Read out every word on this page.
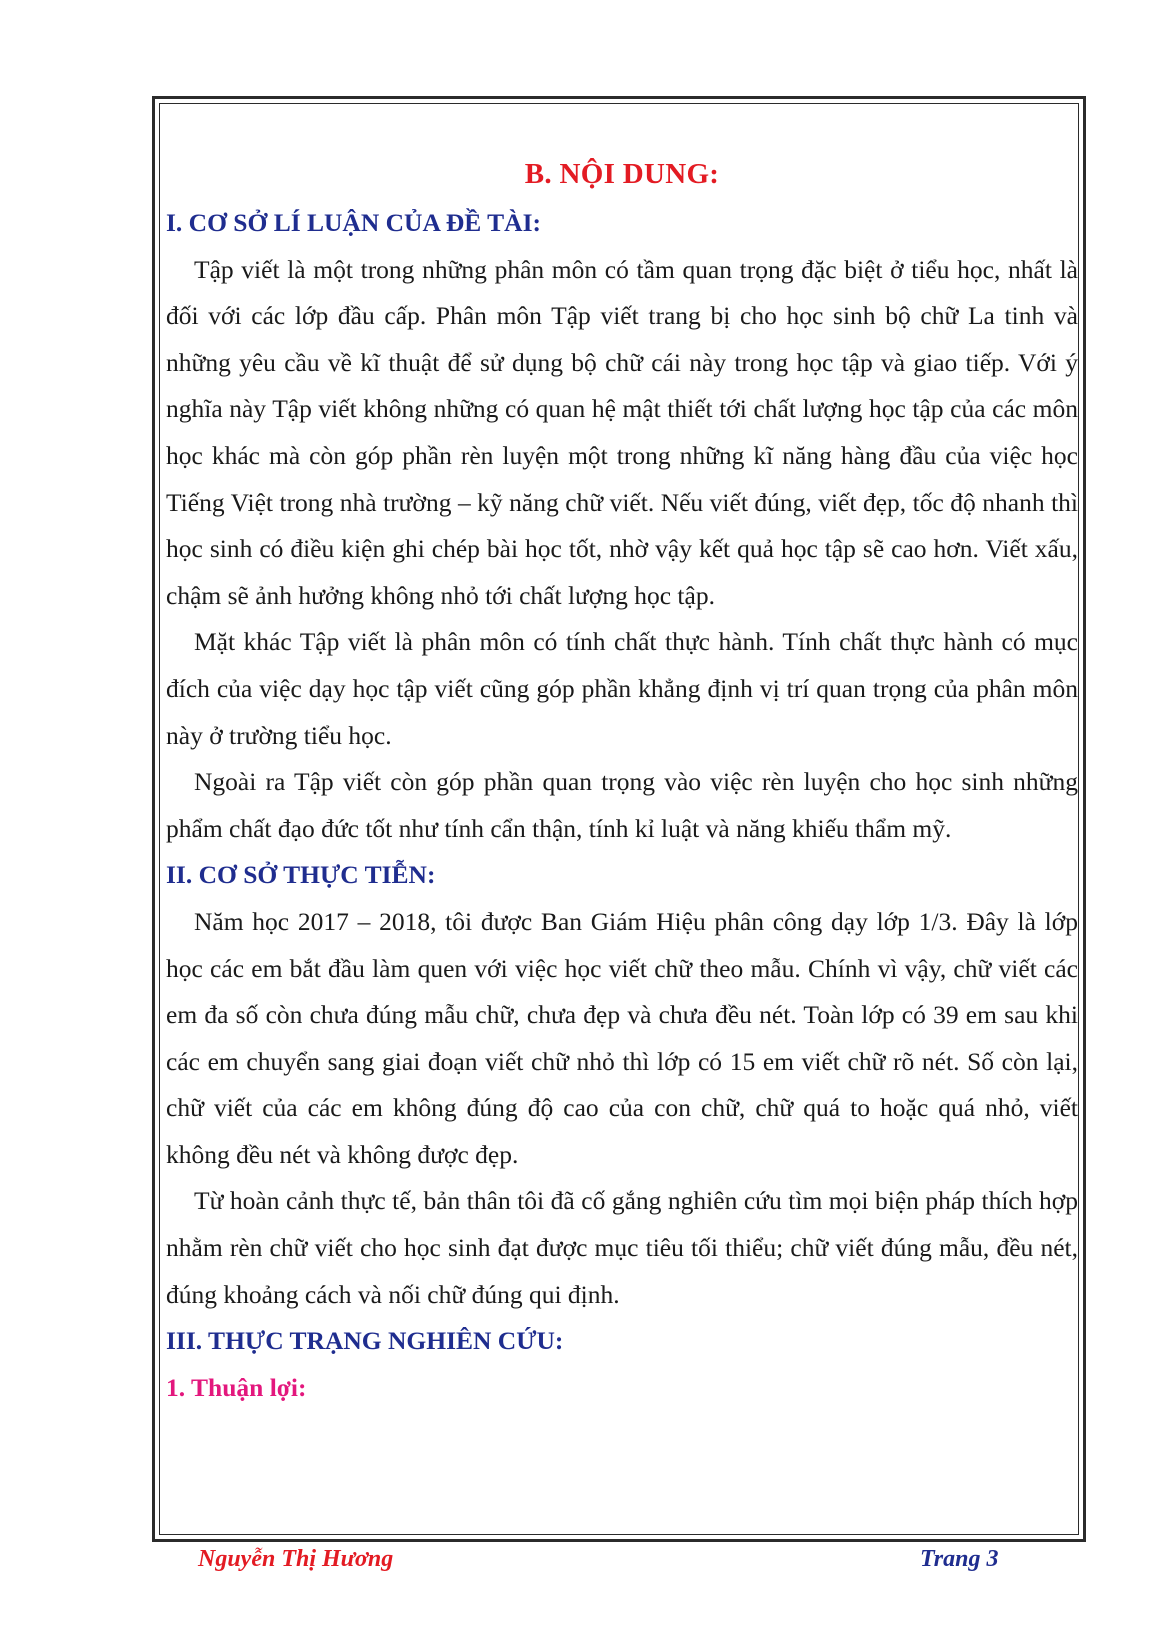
B. NỘI DUNG:
I. CƠ SỞ LÍ LUẬN CỦA ĐỀ TÀI:

Tập viết là một trong những phân môn có tầm quan trọng đặc biệt ở tiểu học, nhất là đối với các lớp đầu cấp. Phân môn Tập viết trang bị cho học sinh bộ chữ La tinh và những yêu cầu về kĩ thuật để sử dụng bộ chữ cái này trong học tập và giao tiếp. Với ý nghĩa này Tập viết không những có quan hệ mật thiết tới chất lượng học tập của các môn học khác mà còn góp phần rèn luyện một trong những kĩ năng hàng đầu của việc học Tiếng Việt trong nhà trường – kỹ năng chữ viết. Nếu viết đúng, viết đẹp, tốc độ nhanh thì học sinh có điều kiện ghi chép bài học tốt, nhờ vậy kết quả học tập sẽ cao hơn. Viết xấu, chậm sẽ ảnh hưởng không nhỏ tới chất lượng học tập.

Mặt khác Tập viết là phân môn có tính chất thực hành. Tính chất thực hành có mục đích của việc dạy học tập viết cũng góp phần khẳng định vị trí quan trọng của phân môn này ở trường tiểu học.

Ngoài ra Tập viết còn góp phần quan trọng vào việc rèn luyện cho học sinh những phẩm chất đạo đức tốt như tính cẩn thận, tính kỉ luật và năng khiếu thẩm mỹ.

II. CƠ SỞ THỰC TIỄN:

Năm học 2017 – 2018, tôi được Ban Giám Hiệu phân công dạy lớp 1/3. Đây là lớp học các em bắt đầu làm quen với việc học viết chữ theo mẫu. Chính vì vậy, chữ viết các em đa số còn chưa đúng mẫu chữ, chưa đẹp và chưa đều nét. Toàn lớp có 39 em sau khi các em chuyển sang giai đoạn viết chữ nhỏ thì lớp có 15 em viết chữ rõ nét. Số còn lại, chữ viết của các em không đúng độ cao của con chữ, chữ quá to hoặc quá nhỏ, viết không đều nét và không được đẹp.

Từ hoàn cảnh thực tế, bản thân tôi đã cố gắng nghiên cứu tìm mọi biện pháp thích hợp nhằm rèn chữ viết cho học sinh đạt được mục tiêu tối thiểu; chữ viết đúng mẫu, đều nét, đúng khoảng cách và nối chữ đúng qui định.

III. THỰC TRẠNG NGHIÊN CỨU:
1. Thuận lợi:
Nguyễn Thị Hương	Trang 3
